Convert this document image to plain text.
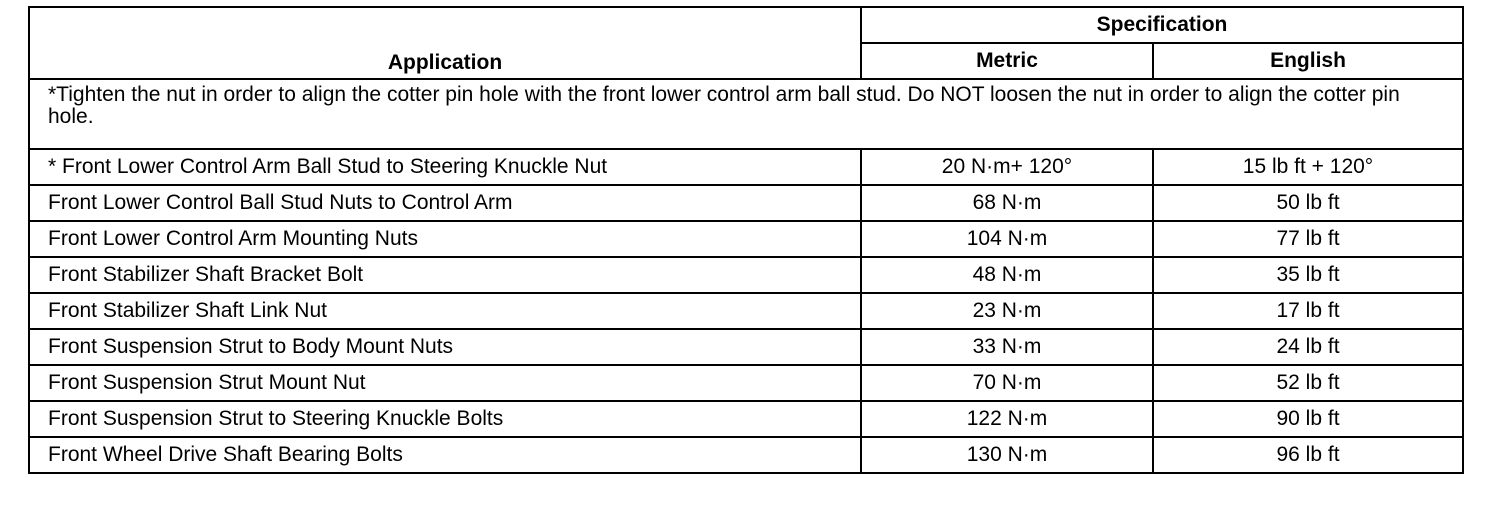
Application	Specification	
	Metric	English
*Tighten the nut in order to align the cotter pin hole with the front lower control arm ball stud. Do NOT loosen the nut in order to align the cotter pin hole.		
* Front Lower Control Arm Ball Stud to Steering Knuckle Nut	20 N·m+ 120°	15 lb ft + 120°
Front Lower Control Ball Stud Nuts to Control Arm	68 N·m	50 lb ft
Front Lower Control Arm Mounting Nuts	104 N·m	77 lb ft
Front Stabilizer Shaft Bracket Bolt	48 N·m	35 lb ft
Front Stabilizer Shaft Link Nut	23 N·m	17 lb ft
Front Suspension Strut to Body Mount Nuts	33 N·m	24 lb ft
Front Suspension Strut Mount Nut	70 N·m	52 lb ft
Front Suspension Strut to Steering Knuckle Bolts	122 N·m	90 lb ft
Front Wheel Drive Shaft Bearing Bolts	130 N·m	96 lb ft
